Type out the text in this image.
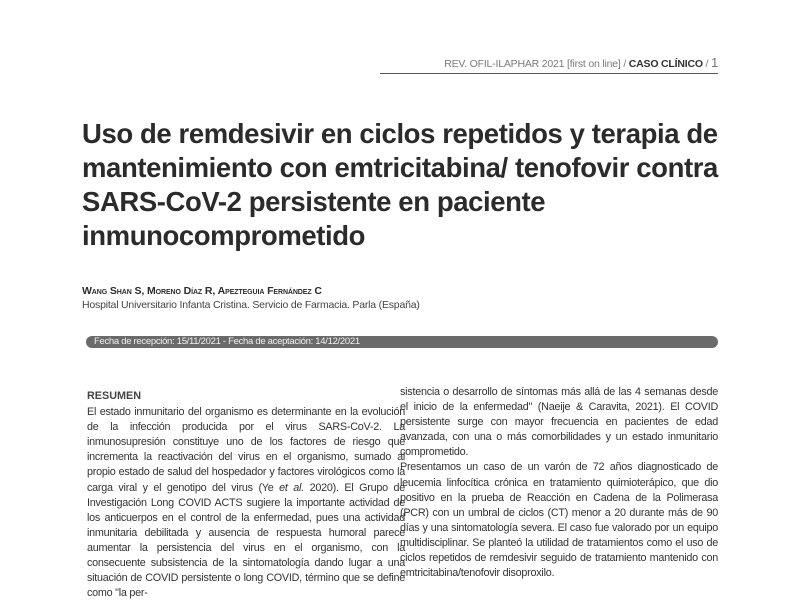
REV. OFIL-ILAPHAR 2021 [first on line] / CASO CLÍNICO / 1
Uso de remdesivir en ciclos repetidos y terapia de mantenimiento con emtricitabina/ tenofovir contra SARS-CoV-2 persistente en paciente inmunocomprometido
Wang Shan S, Moreno Díaz R, Apezteguia Fernández C
Hospital Universitario Infanta Cristina. Servicio de Farmacia. Parla (España)
Fecha de recepción: 15/11/2021 - Fecha de aceptación: 14/12/2021
RESUMEN

El estado inmunitario del organismo es determinante en la evolución de la infección producida por el virus SARS-CoV-2. La inmunosupresión constituye uno de los factores de riesgo que incrementa la reactivación del virus en el organismo, sumado al propio estado de salud del hospedador y factores virológicos como la carga viral y el genotipo del virus (Ye et al. 2020). El Grupo de Investigación Long COVID ACTS sugiere la importante actividad de los anticuerpos en el control de la enfermedad, pues una actividad inmunitaria debilitada y ausencia de respuesta humoral parece aumentar la persistencia del virus en el organismo, con la consecuente subsistencia de la sintomatología dando lugar a una situación de COVID persistente o long COVID, término que se define como "la per-

sistencia o desarrollo de síntomas más allá de las 4 semanas desde el inicio de la enfermedad" (Naeije & Caravita, 2021). El COVID persistente surge con mayor frecuencia en pacientes de edad avanzada, con una o más comorbilidades y un estado inmunitario comprometido.

Presentamos un caso de un varón de 72 años diagnosticado de leucemia linfocítica crónica en tratamiento quimioterápico, que dio positivo en la prueba de Reacción en Cadena de la Polimerasa (PCR) con un umbral de ciclos (CT) menor a 20 durante más de 90 días y una sintomatología severa. El caso fue valorado por un equipo multidisciplinar. Se planteó la utilidad de tratamientos como el uso de ciclos repetidos de remdesivir seguido de tratamiento mantenido con emtricitabina/tenofovir disoproxilo.
